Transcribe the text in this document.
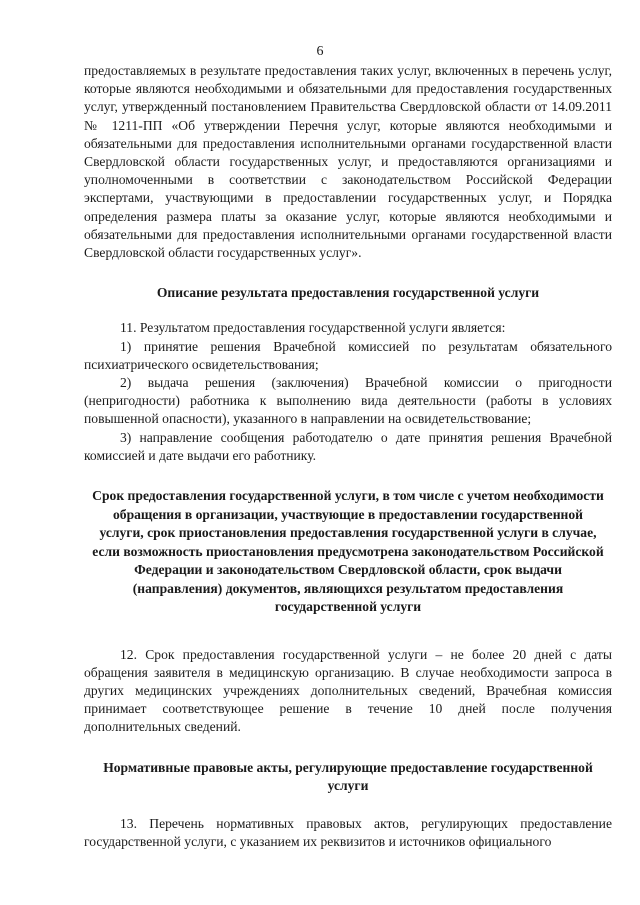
6

предоставляемых в результате предоставления таких услуг, включенных в перечень услуг, которые являются необходимыми и обязательными для предоставления государственных услуг, утвержденный постановлением Правительства Свердловской области от 14.09.2011 № 1211-ПП «Об утверждении Перечня услуг, которые являются необходимыми и обязательными для предоставления исполнительными органами государственной власти Свердловской области государственных услуг, и предоставляются организациями и уполномоченными в соответствии с законодательством Российской Федерации экспертами, участвующими в предоставлении государственных услуг, и Порядка определения размера платы за оказание услуг, которые являются необходимыми и обязательными для предоставления исполнительными органами государственной власти Свердловской области государственных услуг».

Описание результата предоставления государственной услуги

11. Результатом предоставления государственной услуги является:

1) принятие решения Врачебной комиссией по результатам обязательного психиатрического освидетельствования;

2) выдача решения (заключения) Врачебной комиссии о пригодности (непригодности) работника к выполнению вида деятельности (работы в условиях повышенной опасности), указанного в направлении на освидетельствование;

3) направление сообщения работодателю о дате принятия решения Врачебной комиссией и дате выдачи его работнику.

Срок предоставления государственной услуги, в том числе с учетом необходимости обращения в организации, участвующие в предоставлении государственной услуги, срок приостановления предоставления государственной услуги в случае, если возможность приостановления предусмотрена законодательством Российской Федерации и законодательством Свердловской области, срок выдачи (направления) документов, являющихся результатом предоставления государственной услуги

12. Срок предоставления государственной услуги – не более 20 дней с даты обращения заявителя в медицинскую организацию. В случае необходимости запроса в других медицинских учреждениях дополнительных сведений, Врачебная комиссия принимает соответствующее решение в течение 10 дней после получения дополнительных сведений.

Нормативные правовые акты, регулирующие предоставление государственной услуги

13. Перечень нормативных правовых актов, регулирующих предоставление государственной услуги, с указанием их реквизитов и источников официального
